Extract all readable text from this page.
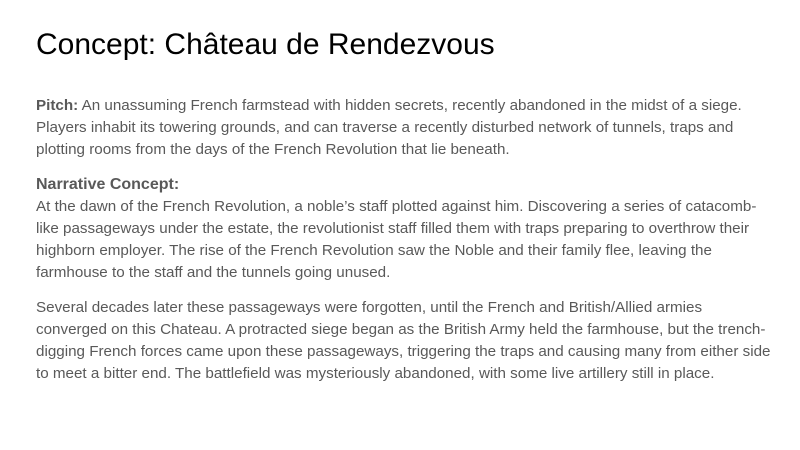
Concept: Château de Rendezvous

Pitch: An unassuming French farmstead with hidden secrets, recently abandoned in the midst of a siege. Players inhabit its towering grounds, and can traverse a recently disturbed network of tunnels, traps and plotting rooms from the days of the French Revolution that lie beneath.

Narrative Concept:
At the dawn of the French Revolution, a noble’s staff plotted against him. Discovering a series of catacomb-like passageways under the estate, the revolutionist staff filled them with traps preparing to overthrow their highborn employer. The rise of the French Revolution saw the Noble and their family flee, leaving the farmhouse to the staff and the tunnels going unused.

Several decades later these passageways were forgotten, until the French and British/Allied armies converged on this Chateau. A protracted siege began as the British Army held the farmhouse, but the trench-digging French forces came upon these passageways, triggering the traps and causing many from either side to meet a bitter end. The battlefield was mysteriously abandoned, with some live artillery still in place.
